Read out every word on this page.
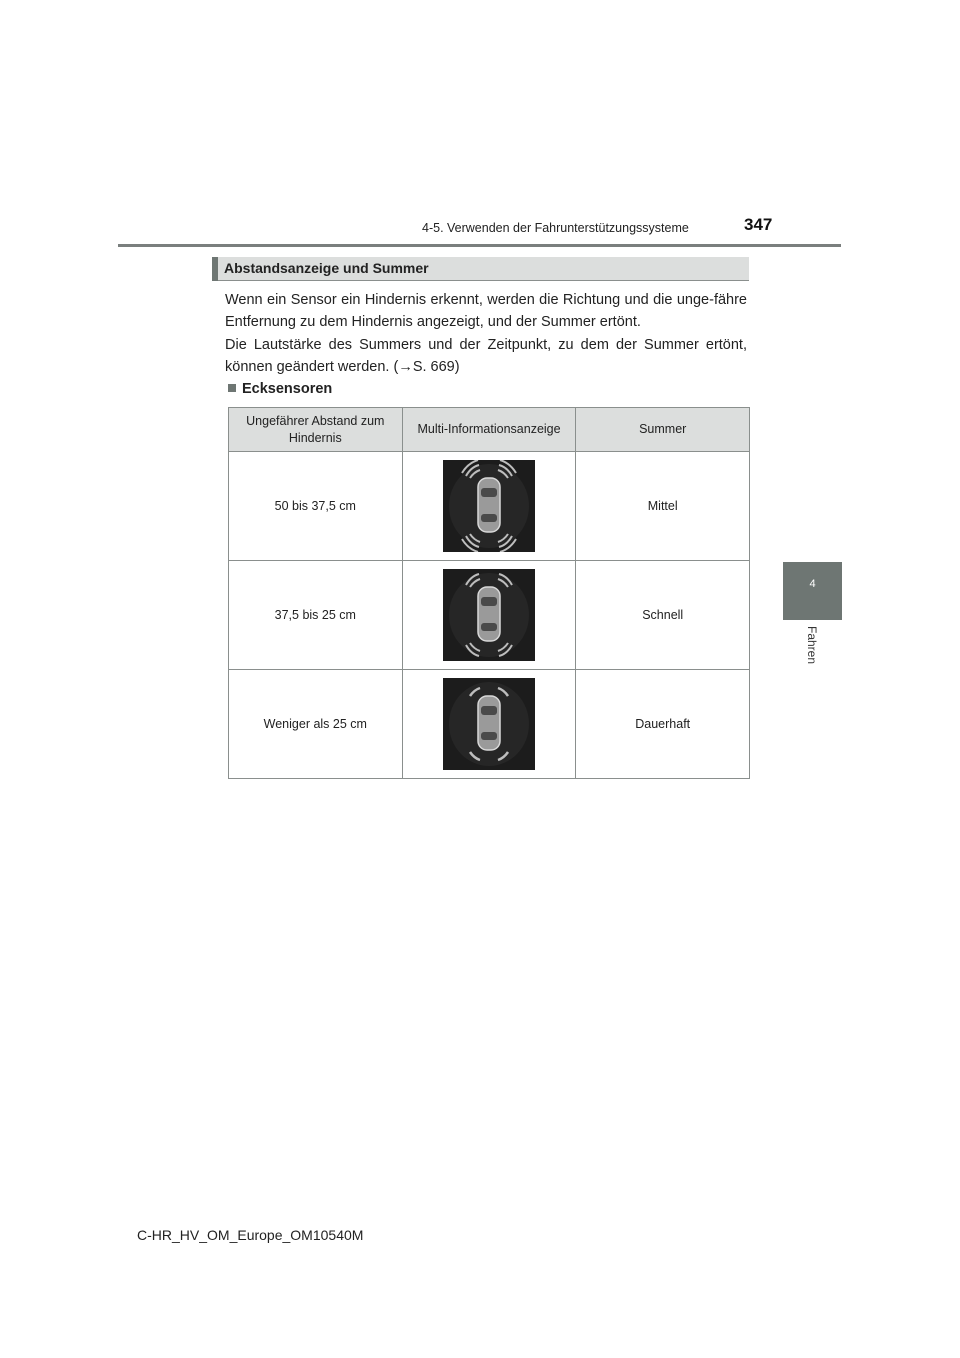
4-5. Verwenden der Fahrunterstützungssysteme	347
4
Fahren
Abstandsanzeige und Summer
Wenn ein Sensor ein Hindernis erkennt, werden die Richtung und die unge-fähre Entfernung zu dem Hindernis angezeigt, und der Summer ertönt.
Die Lautstärke des Summers und der Zeitpunkt, zu dem der Summer ertönt, können geändert werden. (→S. 669)
Ecksensoren
Ungefährer Abstand zum Hindernis	Multi-Informationsanzeige	Summer
50 bis 37,5 cm		Mittel
37,5 bis 25 cm		Schnell
Weniger als 25 cm		Dauerhaft
C-HR_HV_OM_Europe_OM10540M
